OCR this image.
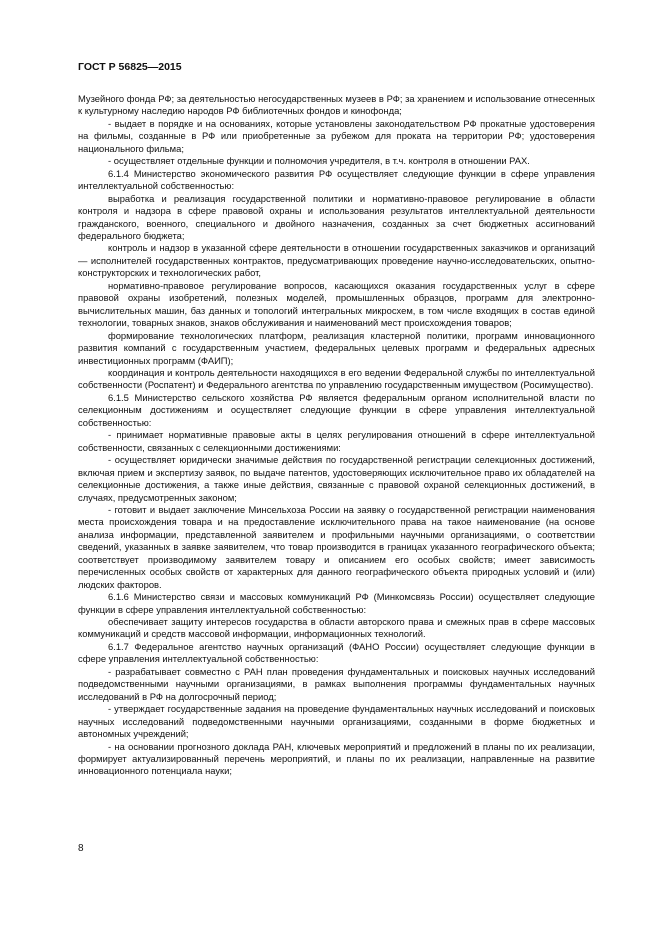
ГОСТ Р 56825—2015

Музейного фонда РФ; за деятельностью негосударственных музеев в РФ; за хранением и использование отнесенных к культурному наследию народов РФ библиотечных фондов и кинофонда;

- выдает в порядке и на основаниях, которые установлены законодательством РФ прокатные удостоверения на фильмы, созданные в РФ или приобретенные за рубежом для проката на территории РФ; удостоверения национального фильма;

- осуществляет отдельные функции и полномочия учредителя, в т.ч. контроля в отношении РАХ.

6.1.4 Министерство экономического развития РФ осуществляет следующие функции в сфере управления интеллектуальной собственностью:

выработка и реализация государственной политики и нормативно-правовое регулирование в области контроля и надзора в сфере правовой охраны и использования результатов интеллектуальной деятельности гражданского, военного, специального и двойного назначения, созданных за счет бюджетных ассигнований федерального бюджета;

контроль и надзор в указанной сфере деятельности в отношении государственных заказчиков и организаций — исполнителей государственных контрактов, предусматривающих проведение научно-исследовательских, опытно-конструкторских и технологических работ,

нормативно-правовое регулирование вопросов, касающихся оказания государственных услуг в сфере правовой охраны изобретений, полезных моделей, промышленных образцов, программ для электронно-вычислительных машин, баз данных и топологий интегральных микросхем, в том числе входящих в состав единой технологии, товарных знаков, знаков обслуживания и наименований мест происхождения товаров;

формирование технологических платформ, реализация кластерной политики, программ инновационного развития компаний с государственным участием, федеральных целевых программ и федеральных адресных инвестиционных программ (ФАИП);

координация и контроль деятельности находящихся в его ведении Федеральной службы по интеллектуальной собственности (Роспатент) и Федерального агентства по управлению государственным имуществом (Росимущество).

6.1.5 Министерство сельского хозяйства РФ является федеральным органом исполнительной власти по селекционным достижениям и осуществляет следующие функции в сфере управления интеллектуальной собственностью:

- принимает нормативные правовые акты в целях регулирования отношений в сфере интеллектуальной собственности, связанных с селекционными достижениями:

- осуществляет юридически значимые действия по государственной регистрации селекционных достижений, включая прием и экспертизу заявок, по выдаче патентов, удостоверяющих исключительное право их обладателей на селекционные достижения, а также иные действия, связанные с правовой охраной селекционных достижений, в случаях, предусмотренных законом;

- готовит и выдает заключение Минсельхоза России на заявку о государственной регистрации наименования места происхождения товара и на предоставление исключительного права на такое наименование (на основе анализа информации, представленной заявителем и профильными научными организациями, о соответствии сведений, указанных в заявке заявителем, что товар производится в границах указанного географического объекта; соответствует производимому заявителем товару и описанием его особых свойств; имеет зависимость перечисленных особых свойств от характерных для данного географического объекта природных условий и (или) людских факторов.

6.1.6 Министерство связи и массовых коммуникаций РФ (Минкомсвязь России) осуществляет следующие функции в сфере управления интеллектуальной собственностью:

обеспечивает защиту интересов государства в области авторского права и смежных прав в сфере массовых коммуникаций и средств массовой информации, информационных технологий.

6.1.7 Федеральное агентство научных организаций (ФАНО России) осуществляет следующие функции в сфере управления интеллектуальной собственностью:

- разрабатывает совместно с РАН план проведения фундаментальных и поисковых научных исследований подведомственными научными организациями, в рамках выполнения программы фундаментальных научных исследований в РФ на долгосрочный период;

- утверждает государственные задания на проведение фундаментальных научных исследований и поисковых научных исследований подведомственными научными организациями, созданными в форме бюджетных и автономных учреждений;

- на основании прогнозного доклада РАН, ключевых мероприятий и предложений в планы по их реализации, формирует актуализированный перечень мероприятий, и планы по их реализации, направленные на развитие инновационного потенциала науки;

8
